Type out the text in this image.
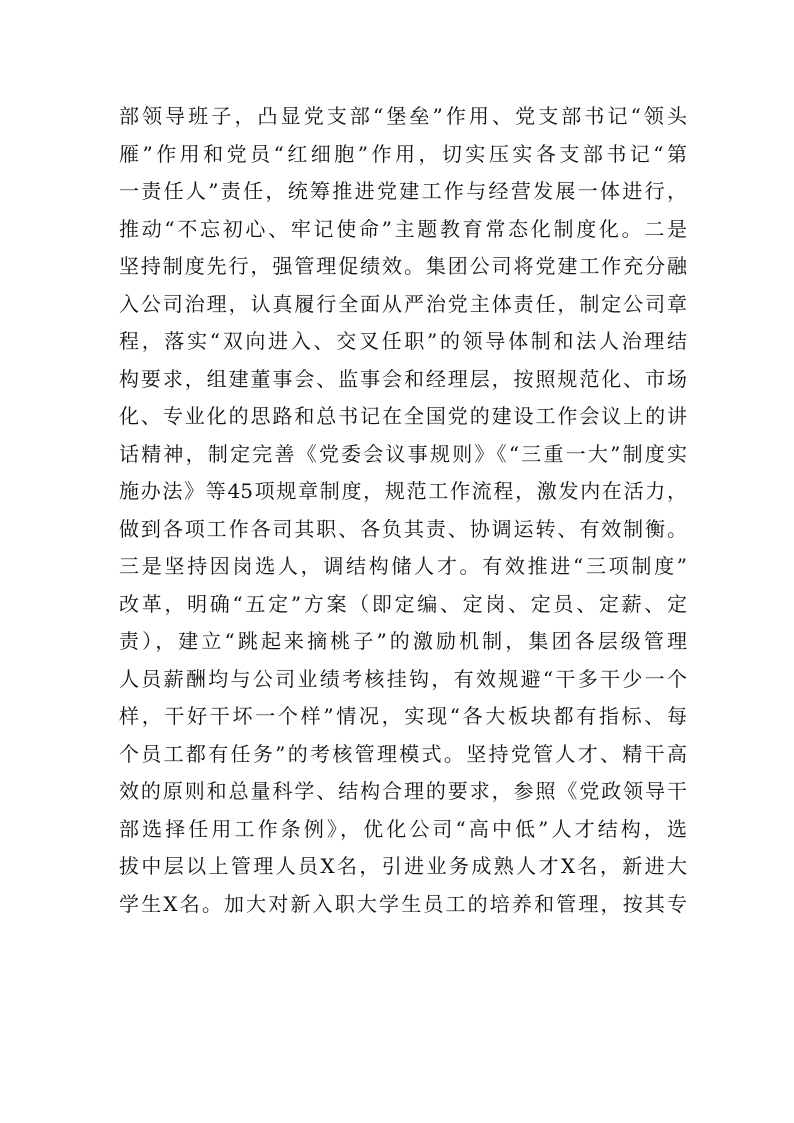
部领导班子，凸显党支部“堡垒”作用、党支部书记“领头
雁”作用和党员“红细胞”作用，切实压实各支部书记“第
一责任人”责任，统筹推进党建工作与经营发展一体进行，
推动“不忘初心、牢记使命”主题教育常态化制度化。二是
坚持制度先行，强管理促绩效。集团公司将党建工作充分融
入公司治理，认真履行全面从严治党主体责任，制定公司章
程，落实“双向进入、交叉任职”的领导体制和法人治理结
构要求，组建董事会、监事会和经理层，按照规范化、市场
化、专业化的思路和总书记在全国党的建设工作会议上的讲
话精神，制定完善《党委会议事规则》《“三重一大”制度实
施办法》等45项规章制度，规范工作流程，激发内在活力，
做到各项工作各司其职、各负其责、协调运转、有效制衡。
三是坚持因岗选人，调结构储人才。有效推进“三项制度”
改革，明确“五定”方案（即定编、定岗、定员、定薪、定
责），建立“跳起来摘桃子”的激励机制，集团各层级管理
人员薪酬均与公司业绩考核挂钩，有效规避“干多干少一个
样，干好干坏一个样”情况，实现“各大板块都有指标、每
个员工都有任务”的考核管理模式。坚持党管人才、精干高
效的原则和总量科学、结构合理的要求，参照《党政领导干
部选择任用工作条例》，优化公司“高中低”人才结构，选
拔中层以上管理人员X名，引进业务成熟人才X名，新进大
学生X名。加大对新入职大学生员工的培养和管理，按其专
